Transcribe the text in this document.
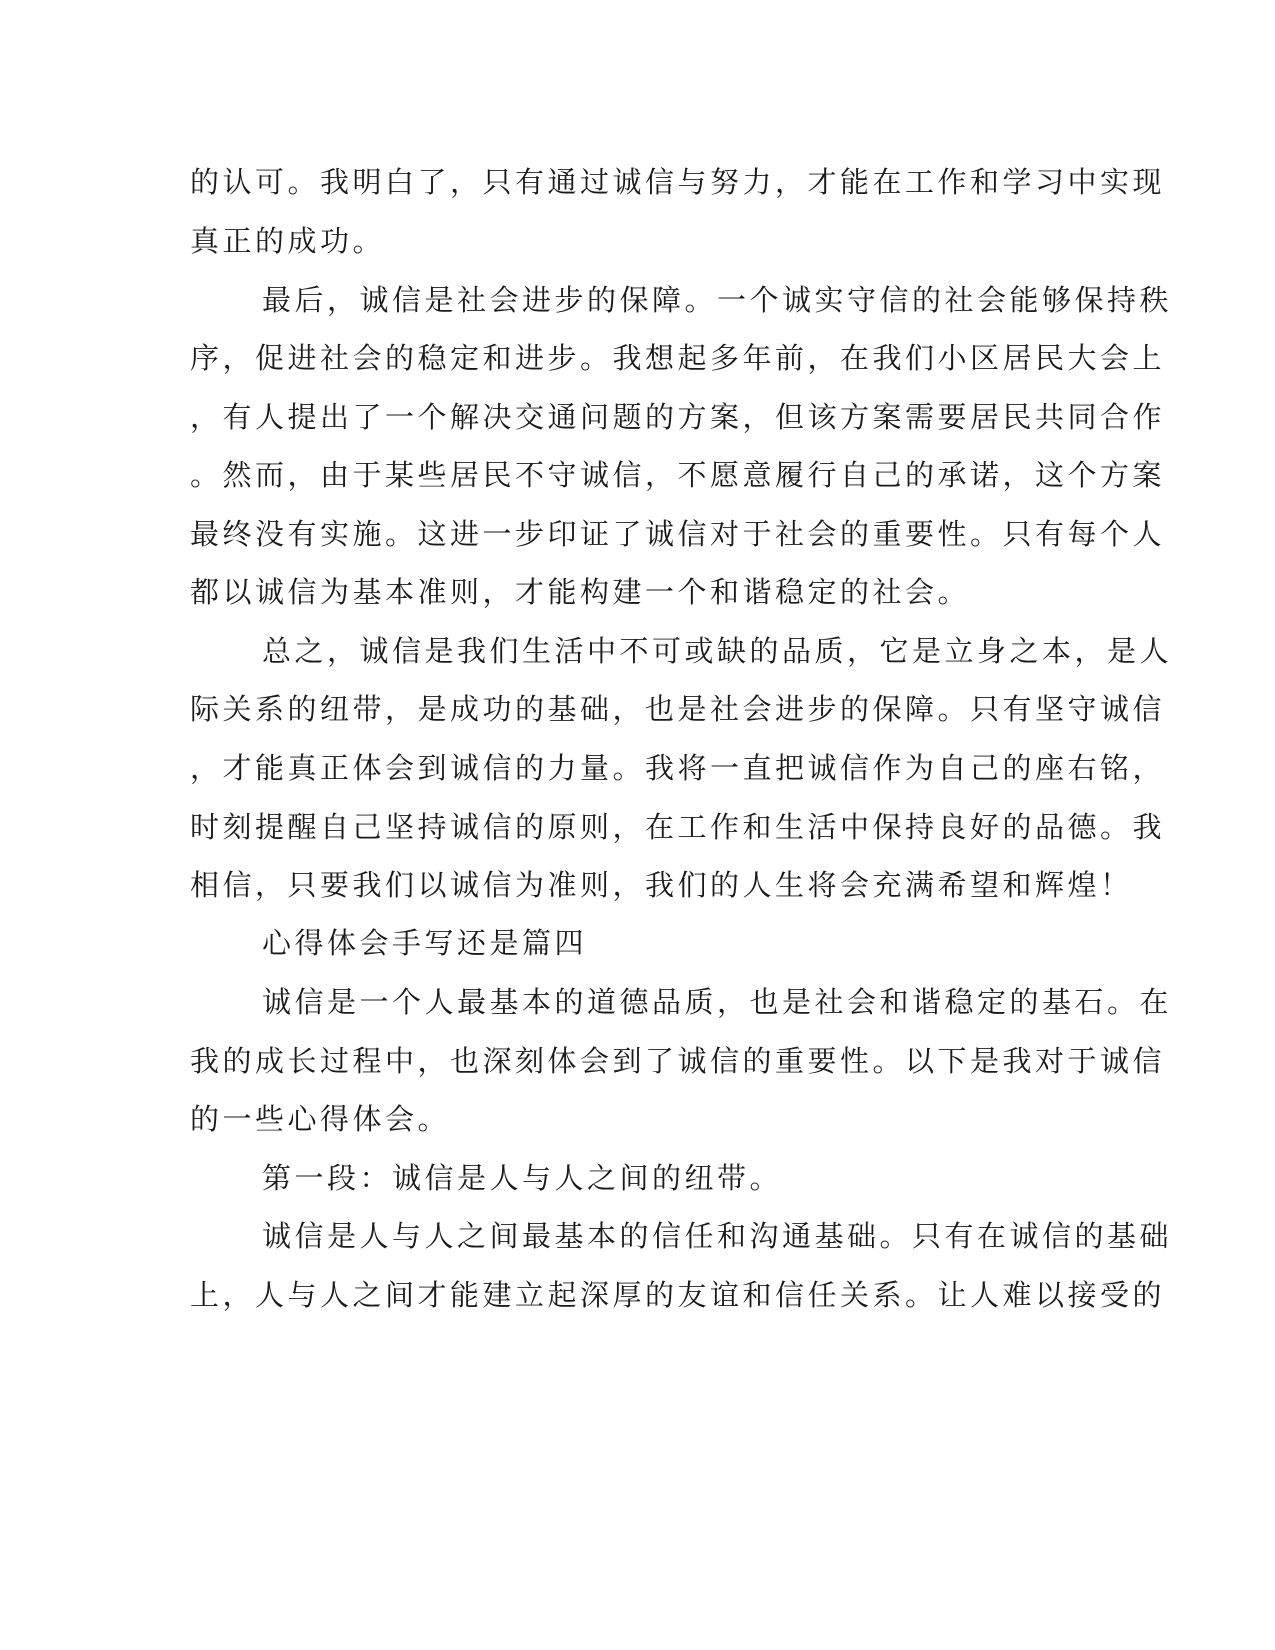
的认可。我明白了，只有通过诚信与努力，才能在工作和学习中实现
真正的成功。
最后，诚信是社会进步的保障。一个诚实守信的社会能够保持秩
序，促进社会的稳定和进步。我想起多年前，在我们小区居民大会上
，有人提出了一个解决交通问题的方案，但该方案需要居民共同合作
。然而，由于某些居民不守诚信，不愿意履行自己的承诺，这个方案
最终没有实施。这进一步印证了诚信对于社会的重要性。只有每个人
都以诚信为基本准则，才能构建一个和谐稳定的社会。
总之，诚信是我们生活中不可或缺的品质，它是立身之本，是人
际关系的纽带，是成功的基础，也是社会进步的保障。只有坚守诚信
，才能真正体会到诚信的力量。我将一直把诚信作为自己的座右铭，
时刻提醒自己坚持诚信的原则，在工作和生活中保持良好的品德。我
相信，只要我们以诚信为准则，我们的人生将会充满希望和辉煌！
心得体会手写还是篇四
诚信是一个人最基本的道德品质，也是社会和谐稳定的基石。在
我的成长过程中，也深刻体会到了诚信的重要性。以下是我对于诚信
的一些心得体会。
第一段：诚信是人与人之间的纽带。
诚信是人与人之间最基本的信任和沟通基础。只有在诚信的基础
上，人与人之间才能建立起深厚的友谊和信任关系。让人难以接受的
